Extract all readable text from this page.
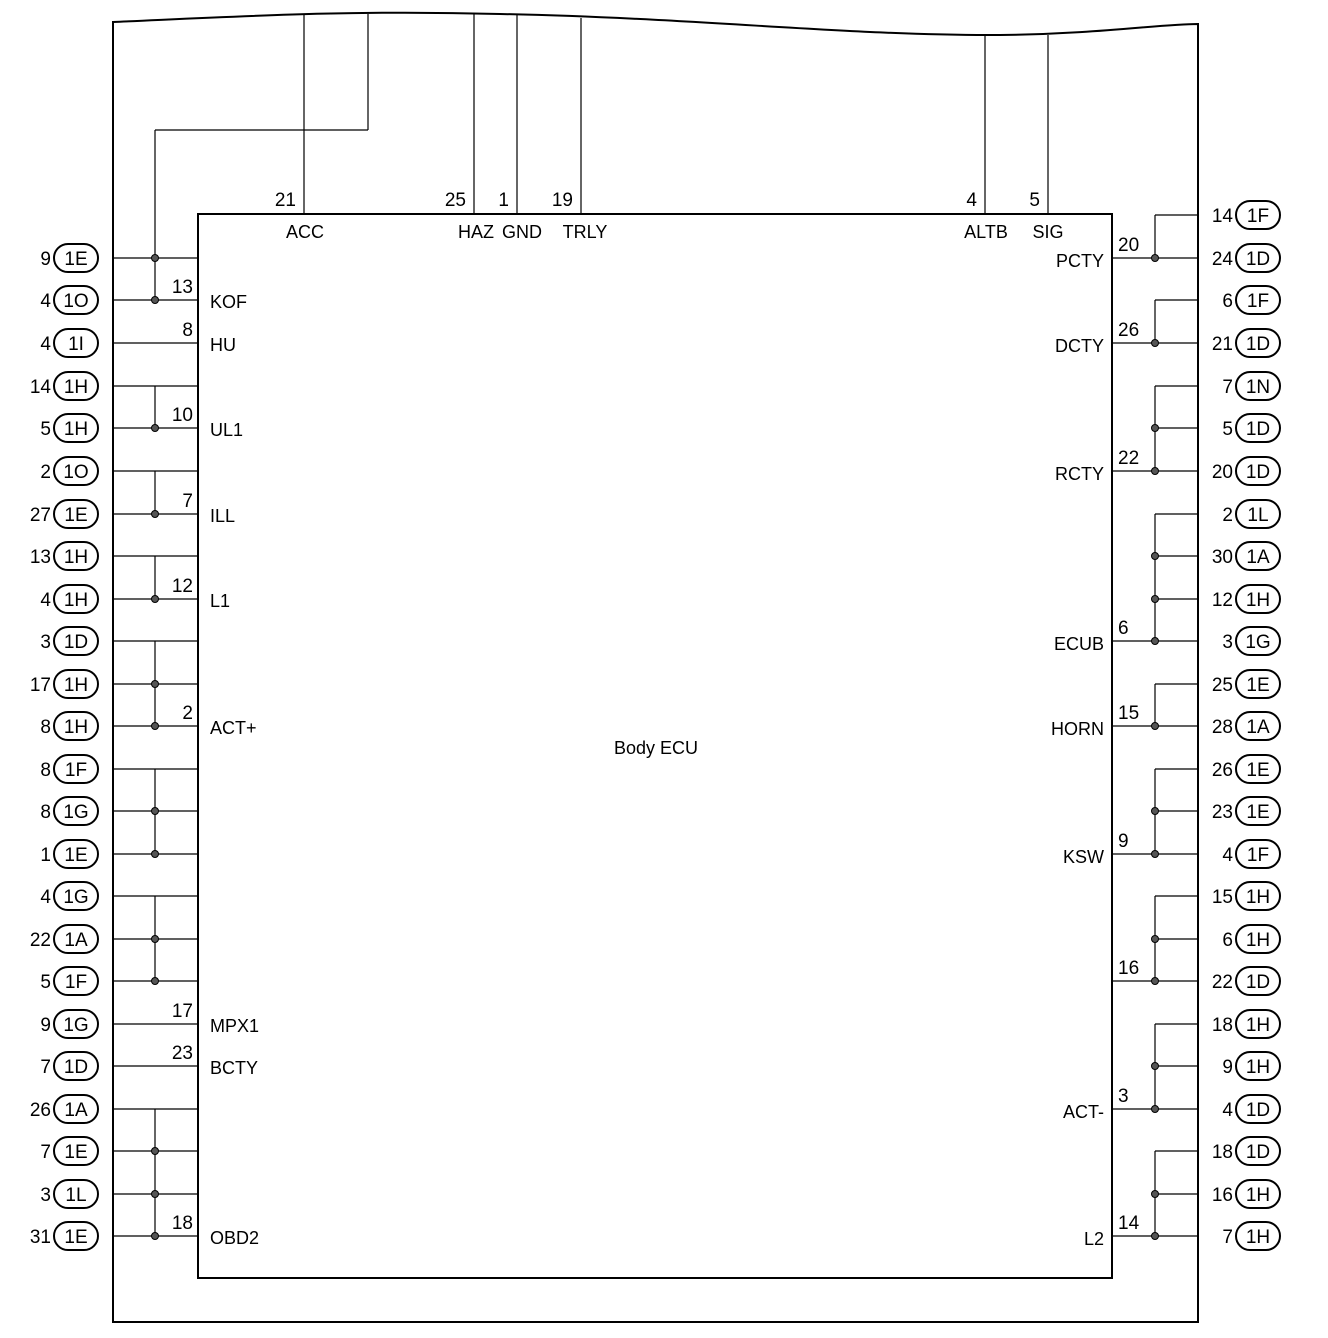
1E
9
1O
4
1I
4
1H
14
1H
5
1O
2
1E
27
1H
13
1H
4
1D
3
1H
17
1H
8
1F
8
1G
8
1E
1
1G
4
1A
22
1F
5
1G
9
1D
7
1A
26
1E
7
1L
3
1E
31
13
KOF
8
HU
10
UL1
7
ILL
12
L1
2
ACT+
17
MPX1
23
BCTY
18
OBD2
1F
14
1D
24
1F
6
1D
21
1N
7
1D
5
1D
20
1L
2
1A
30
1H
12
1G
3
1E
25
1A
28
1E
26
1E
23
1F
4
1H
15
1H
6
1D
22
1H
18
1H
9
1D
4
1D
18
1H
16
1H
7
20
PCTY
26
DCTY
22
RCTY
6
ECUB
15
HORN
9
KSW
16
3
ACT-
14
L2
21	25 1 19	4	5
ACC	HAZ GND TRLY	ALTB SIG
Body ECU
